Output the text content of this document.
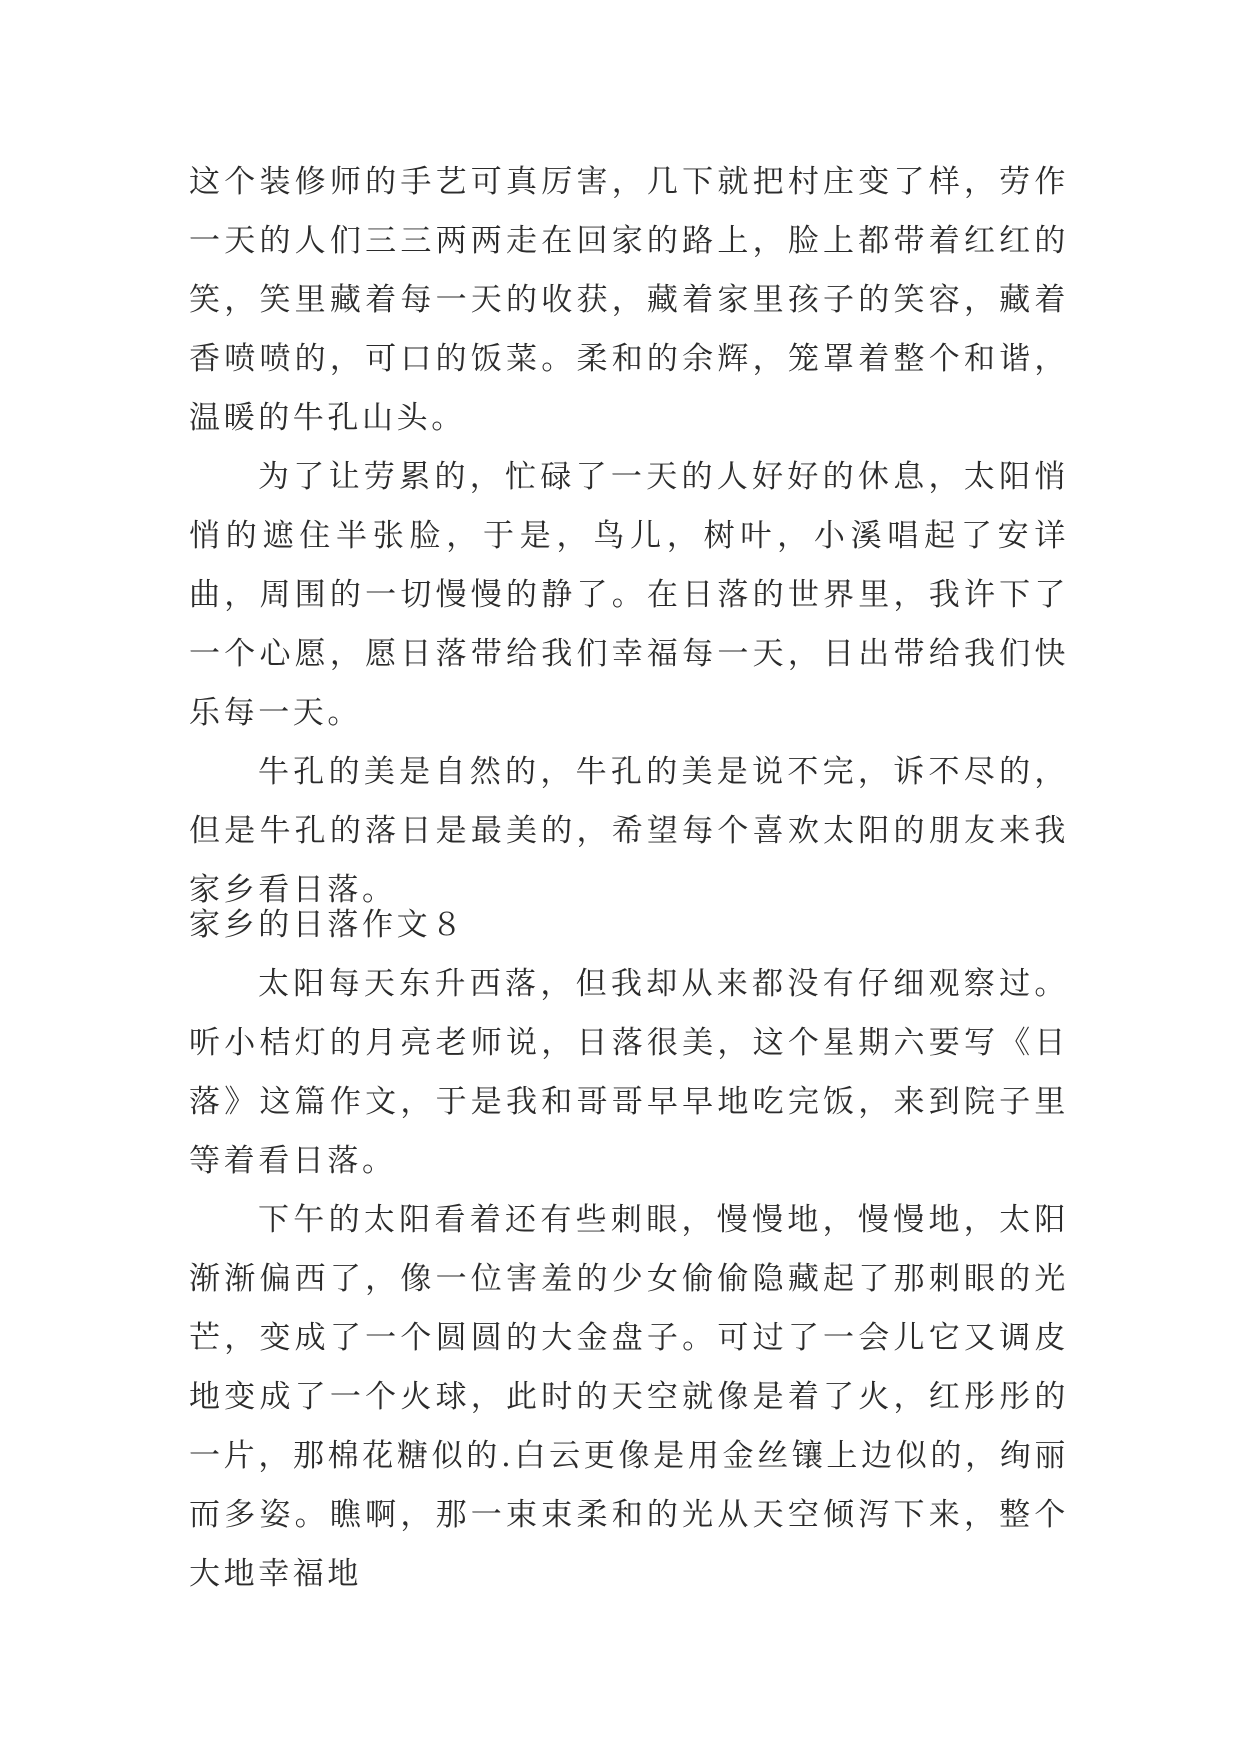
这个装修师的手艺可真厉害，几下就把村庄变了样，劳作一天的人们三三两两走在回家的路上，脸上都带着红红的笑，笑里藏着每一天的收获，藏着家里孩子的笑容，藏着香喷喷的，可口的饭菜。柔和的余辉，笼罩着整个和谐，温暖的牛孔山头。

为了让劳累的，忙碌了一天的人好好的休息，太阳悄悄的遮住半张脸，于是，鸟儿，树叶，小溪唱起了安详曲，周围的一切慢慢的静了。在日落的世界里，我许下了一个心愿，愿日落带给我们幸福每一天，日出带给我们快乐每一天。

牛孔的美是自然的，牛孔的美是说不完，诉不尽的，但是牛孔的落日是最美的，希望每个喜欢太阳的朋友来我家乡看日落。

家乡的日落作文８

太阳每天东升西落，但我却从来都没有仔细观察过。听小桔灯的月亮老师说，日落很美，这个星期六要写《日落》这篇作文，于是我和哥哥早早地吃完饭，来到院子里等着看日落。

下午的太阳看着还有些刺眼，慢慢地，慢慢地，太阳渐渐偏西了，像一位害羞的少女偷偷隐藏起了那刺眼的光芒，变成了一个圆圆的大金盘子。可过了一会儿它又调皮地变成了一个火球，此时的天空就像是着了火，红彤彤的一片，那棉花糖似的.白云更像是用金丝镶上边似的，绚丽而多姿。瞧啊，那一束束柔和的光从天空倾泻下来，整个大地幸福地
